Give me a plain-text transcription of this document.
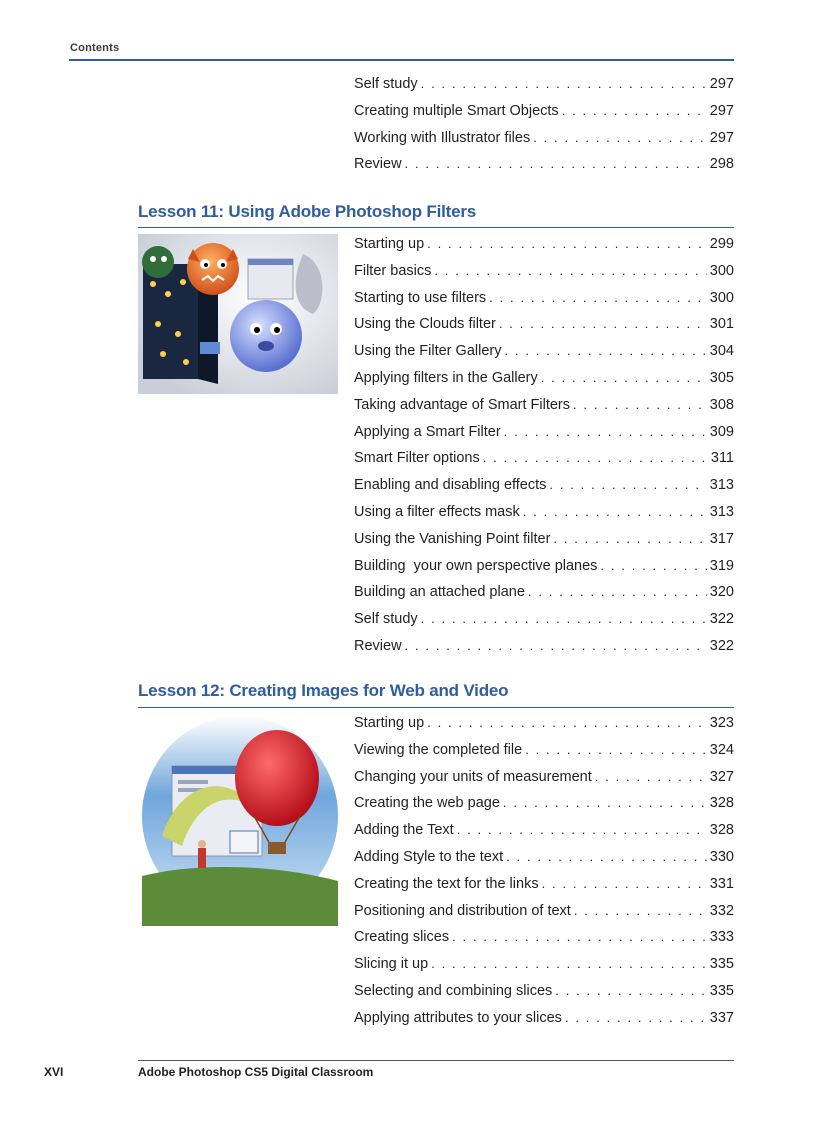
Contents
Self study . . .	297
Creating multiple Smart Objects . . .	297
Working with Illustrator files . . .	297
Review . . .	298
Lesson 11: Using Adobe Photoshop Filters
Starting up . . .	299
Filter basics . . .	300
Starting to use filters . . .	300
Using the Clouds filter . . .	301
Using the Filter Gallery . . .	304
Applying filters in the Gallery . . .	305
Taking advantage of Smart Filters . . .	308
Applying a Smart Filter . . .	309
Smart Filter options . . .	311
Enabling and disabling effects . . .	313
Using a filter effects mask . . .	313
Using the Vanishing Point filter . . .	317
Building  your own perspective planes . . .	319
Building an attached plane . . .	320
Self study . . .	322
Review . . .	322
Lesson 12: Creating Images for Web and Video
Starting up . . .	323
Viewing the completed file . . .	324
Changing your units of measurement . . .	327
Creating the web page . . .	328
Adding the Text . . .	328
Adding Style to the text . . .	330
Creating the text for the links . . .	331
Positioning and distribution of text . . .	332
Creating slices . . .	333
Slicing it up . . .	335
Selecting and combining slices . . .	335
Applying attributes to your slices . . .	337
XVI	Adobe Photoshop CS5 Digital Classroom
